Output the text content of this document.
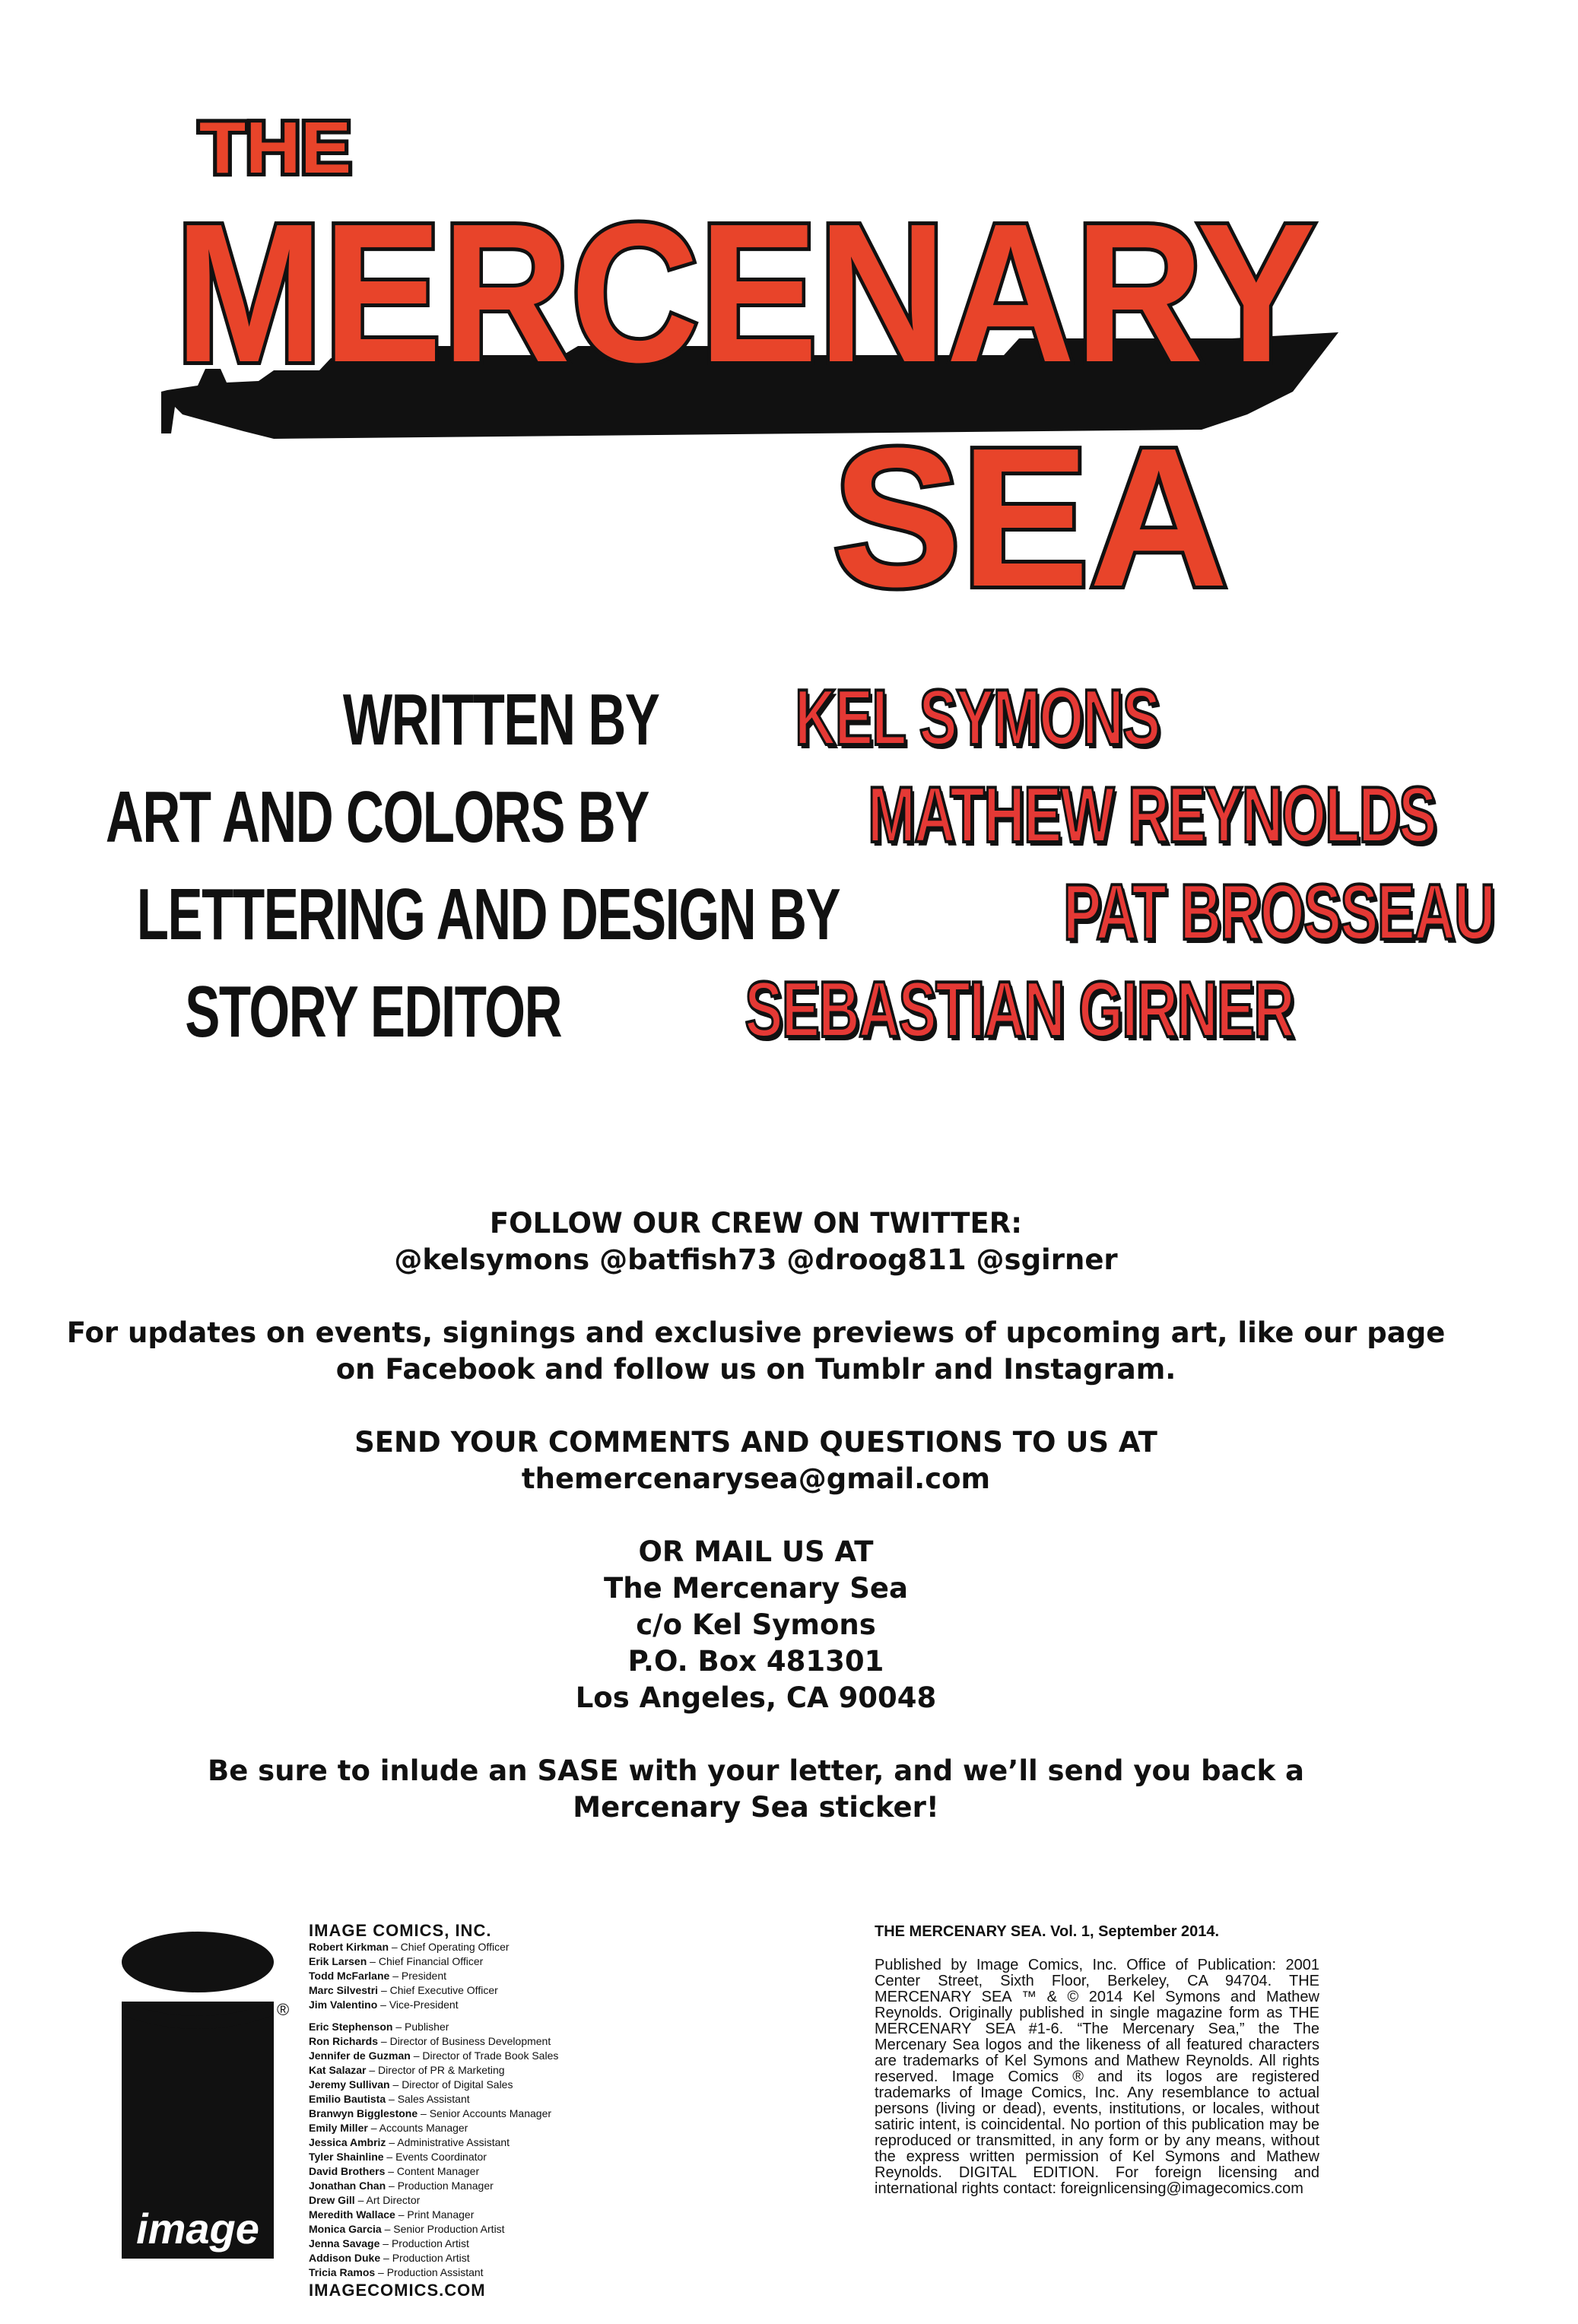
THE
MERCENARY
SEA
WRITTEN BY KEL SYMONS
ART AND COLORS BY	MATHEW REYNOLDS
LETTERING AND DESIGN BY	PAT BROSSEAU
STORY EDITOR SEBASTIAN GIRNER
FOLLOW OUR CREW ON TWITTER:
@kelsymons @batfish73 @droog811 @sgirner
For updates on events, signings and exclusive previews of upcoming art, like our page
on Facebook and follow us on Tumblr and Instagram.
SEND YOUR COMMENTS AND QUESTIONS TO US AT
themercenarysea@gmail.com
OR MAIL US AT
The Mercenary Sea
c/o Kel Symons
P.O. Box 481301
Los Angeles, CA 90048
Be sure to inlude an SASE with your letter, and we’ll send you back a
Mercenary Sea sticker!
image
®
IMAGE COMICS, INC.
Robert Kirkman – Chief Operating Officer
Erik Larsen – Chief Financial Officer
Todd McFarlane – President
Marc Silvestri – Chief Executive Officer
Jim Valentino – Vice-President
Eric Stephenson – Publisher
Ron Richards – Director of Business Development
Jennifer de Guzman – Director of Trade Book Sales
Kat Salazar – Director of PR & Marketing
Jeremy Sullivan – Director of Digital Sales
Emilio Bautista – Sales Assistant
Branwyn Bigglestone – Senior Accounts Manager
Emily Miller – Accounts Manager
Jessica Ambriz – Administrative Assistant
Tyler Shainline – Events Coordinator
David Brothers – Content Manager
Jonathan Chan – Production Manager
Drew Gill – Art Director
Meredith Wallace – Print Manager
Monica Garcia – Senior Production Artist
Jenna Savage – Production Artist
Addison Duke – Production Artist
Tricia Ramos – Production Assistant
IMAGECOMICS.COM
THE MERCENARY SEA. Vol. 1, September 2014.
Published by Image Comics, Inc. Office of Publication: 2001 Center Street, Sixth Floor, Berkeley, CA 94704. THE MERCENARY SEA ™ & © 2014 Kel Symons and Mathew Reynolds. Originally published in single magazine form as THE MERCENARY SEA #1-6. “The Mercenary Sea,” the The Mercenary Sea logos and the likeness of all featured characters are trademarks of Kel Symons and Mathew Reynolds. All rights reserved. Image Comics ® and its logos are registered trademarks of Image Comics, Inc. Any resemblance to actual persons (living or dead), events, institutions, or locales, without satiric intent, is coincidental. No portion of this publication may be reproduced or transmitted, in any form or by any means, without the express written permission of Kel Symons and Mathew Reynolds. DIGITAL EDITION. For foreign licensing and international rights contact: foreignlicensing@imagecomics.com
